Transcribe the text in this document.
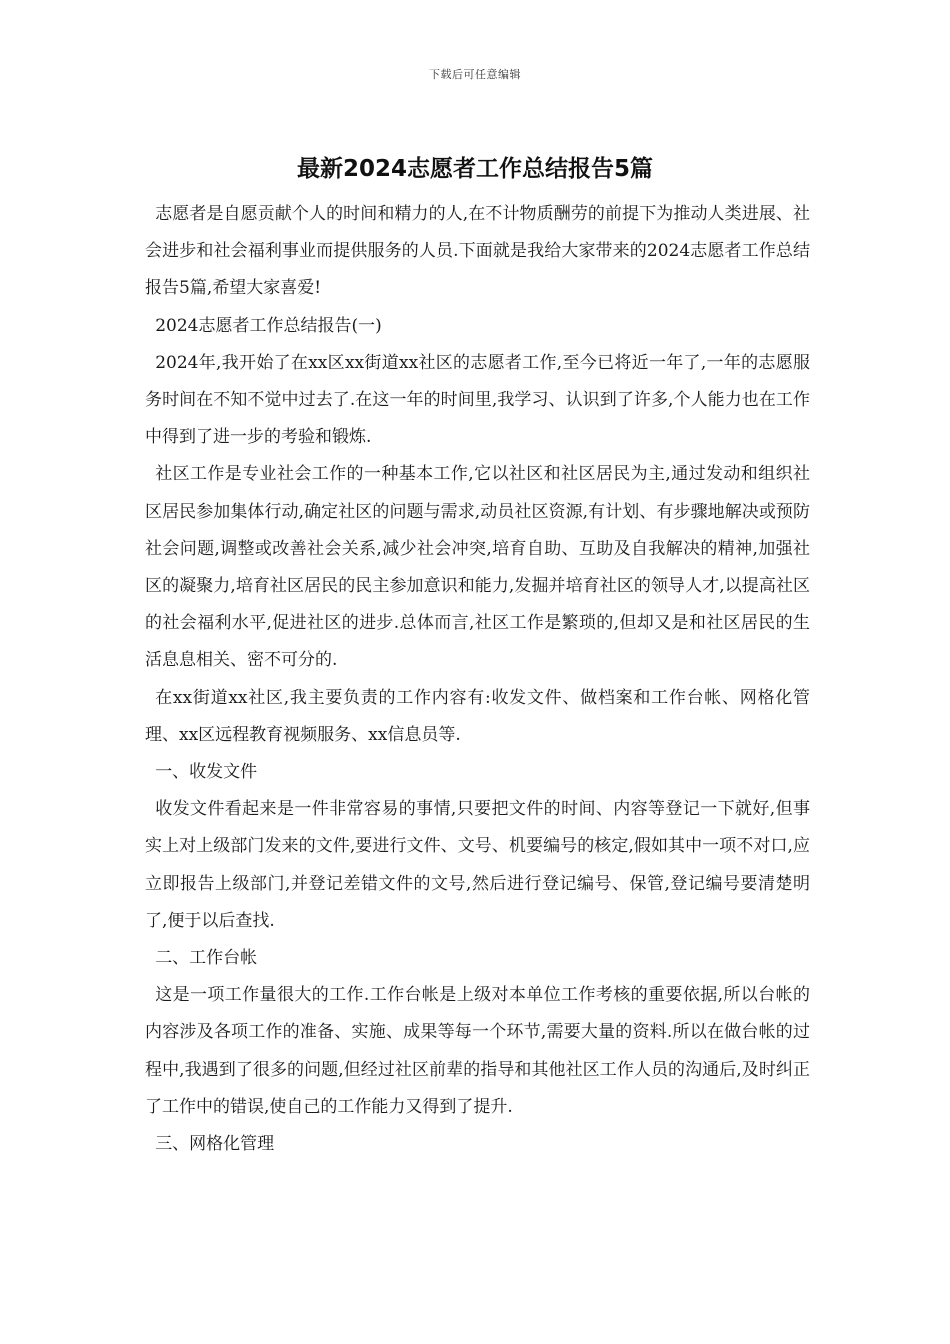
下载后可任意编辑
最新2024志愿者工作总结报告5篇

志愿者是自愿贡献个人的时间和精力的人,在不计物质酬劳的前提下为推动人类进展、社会进步和社会福利事业而提供服务的人员.下面就是我给大家带来的2024志愿者工作总结报告5篇,希望大家喜爱!

2024志愿者工作总结报告(一)

2024年,我开始了在xx区xx街道xx社区的志愿者工作,至今已将近一年了,一年的志愿服务时间在不知不觉中过去了.在这一年的时间里,我学习、认识到了许多,个人能力也在工作中得到了进一步的考验和锻炼.

社区工作是专业社会工作的一种基本工作,它以社区和社区居民为主,通过发动和组织社区居民参加集体行动,确定社区的问题与需求,动员社区资源,有计划、有步骤地解决或预防社会问题,调整或改善社会关系,减少社会冲突,培育自助、互助及自我解决的精神,加强社区的凝聚力,培育社区居民的民主参加意识和能力,发掘并培育社区的领导人才,以提高社区的社会福利水平,促进社区的进步.总体而言,社区工作是繁琐的,但却又是和社区居民的生活息息相关、密不可分的.

在xx街道xx社区,我主要负责的工作内容有:收发文件、做档案和工作台帐、网格化管理、xx区远程教育视频服务、xx信息员等.

一、收发文件

收发文件看起来是一件非常容易的事情,只要把文件的时间、内容等登记一下就好,但事实上对上级部门发来的文件,要进行文件、文号、机要编号的核定,假如其中一项不对口,应立即报告上级部门,并登记差错文件的文号,然后进行登记编号、保管,登记编号要清楚明了,便于以后查找.

二、工作台帐

这是一项工作量很大的工作.工作台帐是上级对本单位工作考核的重要依据,所以台帐的内容涉及各项工作的准备、实施、成果等每一个环节,需要大量的资料.所以在做台帐的过程中,我遇到了很多的问题,但经过社区前辈的指导和其他社区工作人员的沟通后,及时纠正了工作中的错误,使自己的工作能力又得到了提升.

三、网格化管理
